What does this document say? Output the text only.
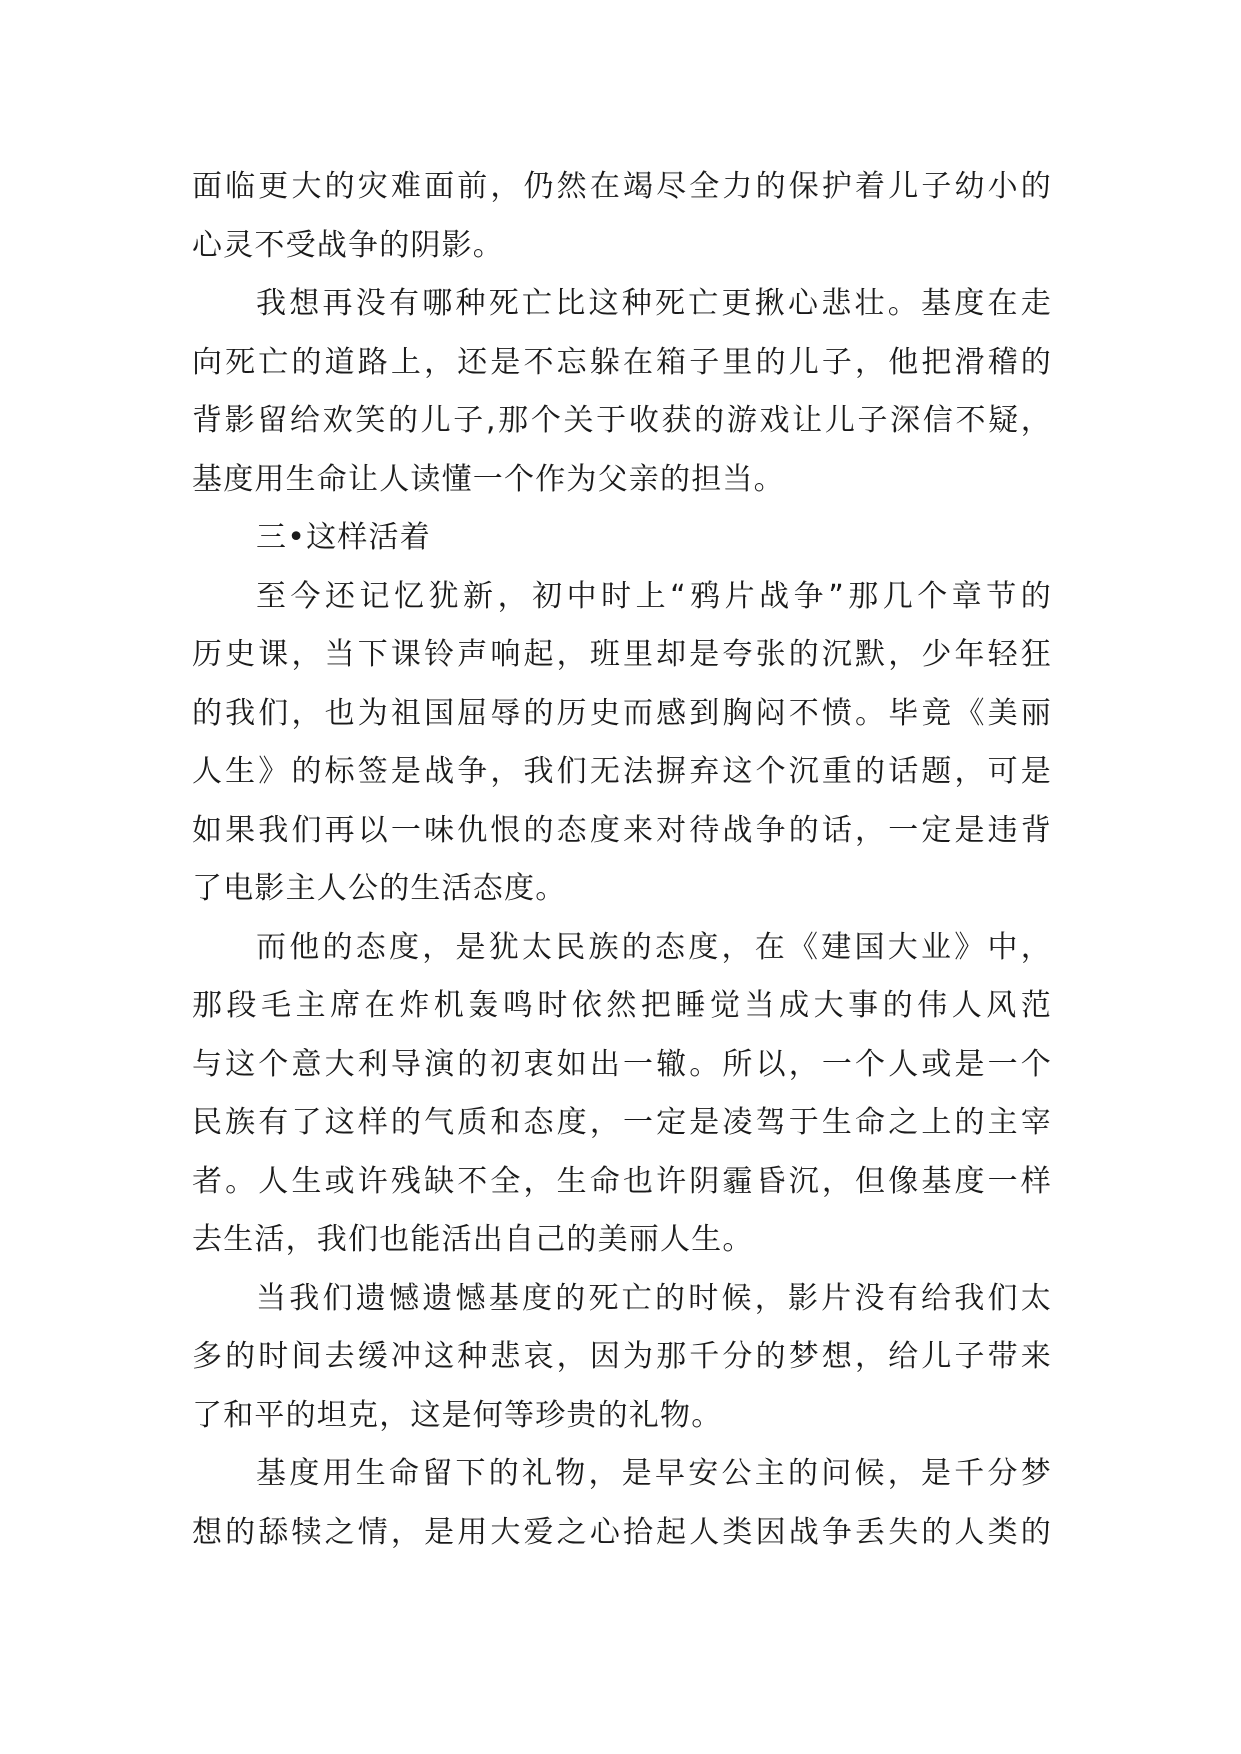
面临更大的灾难面前，仍然在竭尽全力的保护着儿子幼小的
心灵不受战争的阴影。
我想再没有哪种死亡比这种死亡更揪心悲壮。基度在走
向死亡的道路上，还是不忘躲在箱子里的儿子，他把滑稽的
背影留给欢笑的儿子,那个关于收获的游戏让儿子深信不疑，
基度用生命让人读懂一个作为父亲的担当。
三•这样活着
至今还记忆犹新，初中时上“鸦片战争”那几个章节的
历史课，当下课铃声响起，班里却是夸张的沉默，少年轻狂
的我们，也为祖国屈辱的历史而感到胸闷不愤。毕竟《美丽
人生》的标签是战争，我们无法摒弃这个沉重的话题，可是
如果我们再以一味仇恨的态度来对待战争的话，一定是违背
了电影主人公的生活态度。
而他的态度，是犹太民族的态度，在《建国大业》中，
那段毛主席在炸机轰鸣时依然把睡觉当成大事的伟人风范
与这个意大利导演的初衷如出一辙。所以，一个人或是一个
民族有了这样的气质和态度，一定是凌驾于生命之上的主宰
者。人生或许残缺不全，生命也许阴霾昏沉，但像基度一样
去生活，我们也能活出自己的美丽人生。
当我们遗憾遗憾基度的死亡的时候，影片没有给我们太
多的时间去缓冲这种悲哀，因为那千分的梦想，给儿子带来
了和平的坦克，这是何等珍贵的礼物。
基度用生命留下的礼物，是早安公主的问候，是千分梦
想的舔犊之情，是用大爱之心拾起人类因战争丢失的人类的
